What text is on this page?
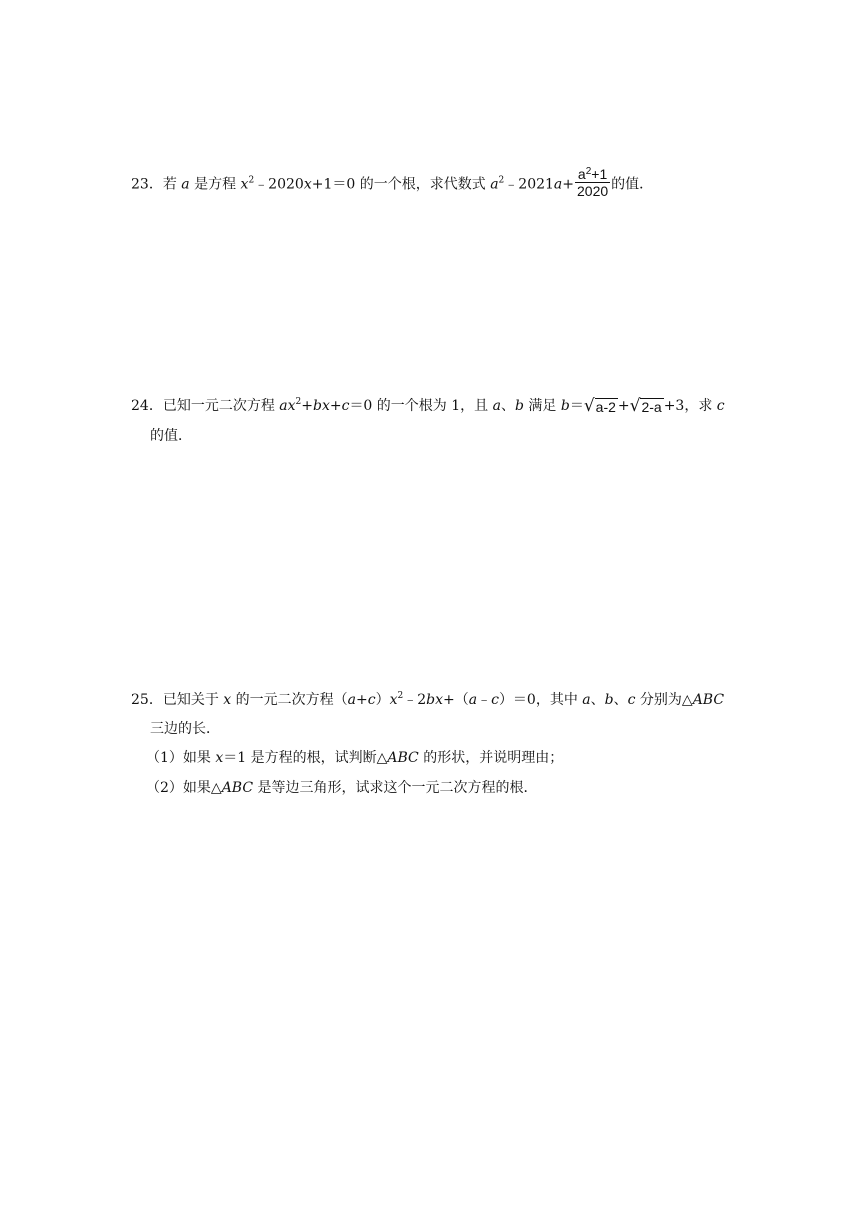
23．若 a 是方程 $x^2﹣2020x+1=0$ 的一个根，求代数式 $a^2﹣2021a+ \frac{a^2+1}{2020}$ 的值．
24．已知一元二次方程 $ax^2+bx+c=0$ 的一个根为 1，且 a、b 满足 b＝ √ a-2 + √ 2-a +3，求 c
的值．
25．已知关于 x 的一元二次方程$(a+c)x^2﹣2bx+(a﹣c)=0$，其中 a、b、c 分别为△ABC
三边的长．
（1）如果 x＝1 是方程的根，试判断△ABC 的形状，并说明理由；
（2）如果△ABC 是等边三角形，试求这个一元二次方程的根．
